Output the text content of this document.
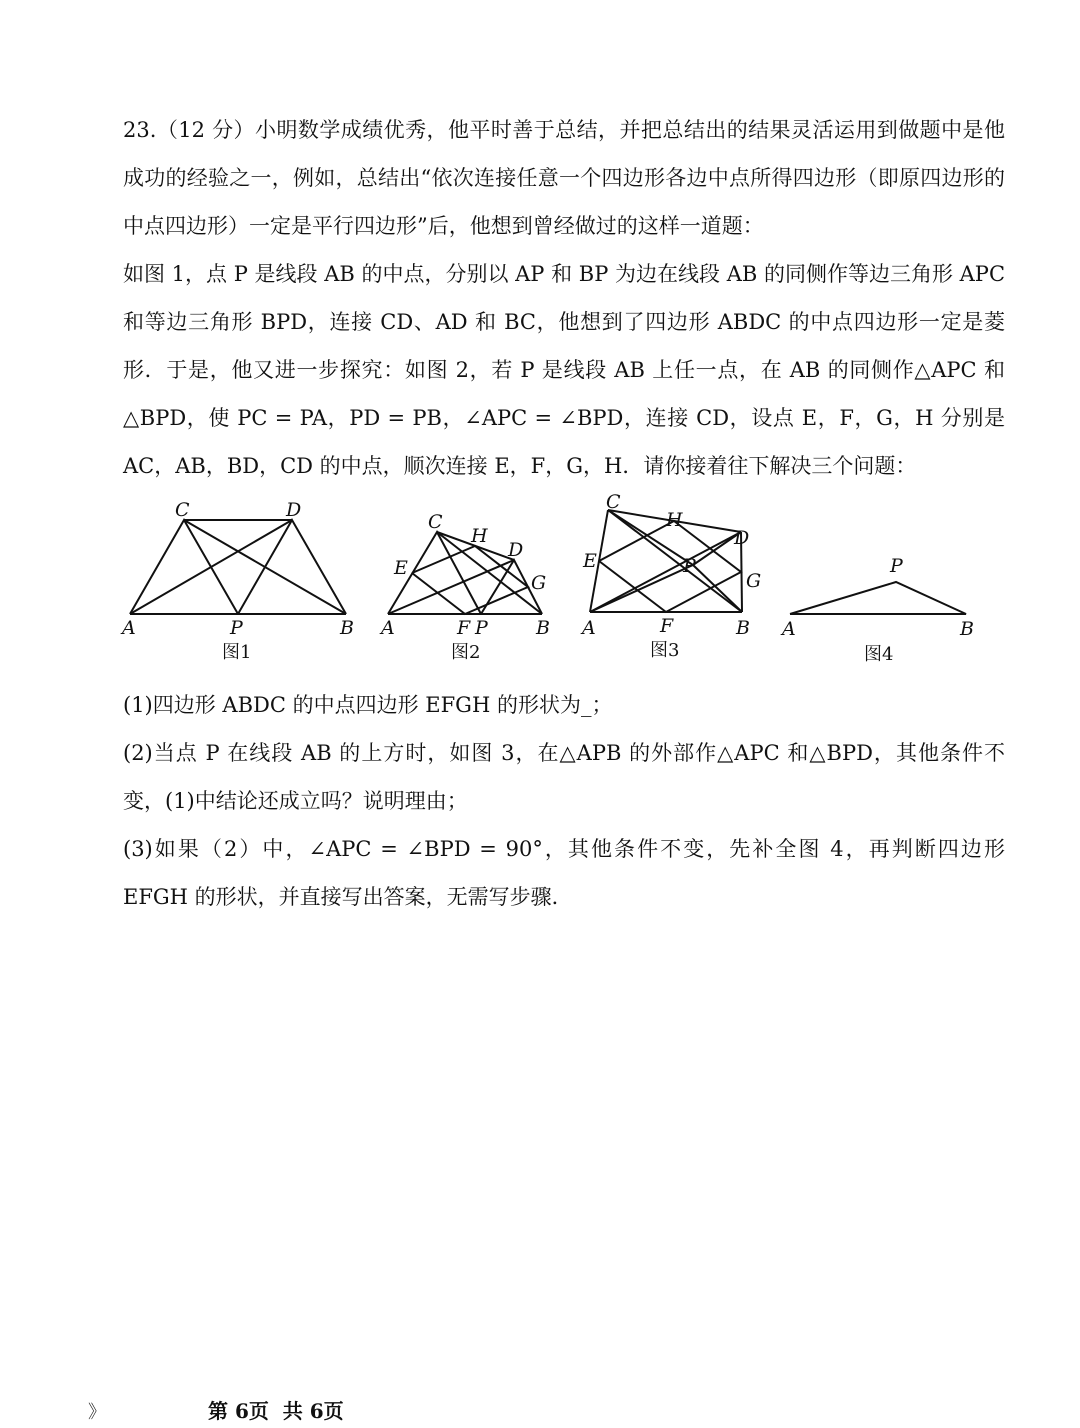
23.（12 分）小明数学成绩优秀，他平时善于总结，并把总结出的结果灵活运用到做题中是他成功的经验之一，例如，总结出“依次连接任意一个四边形各边中点所得四边形（即原四边形的中点四边形）一定是平行四边形”后，他想到曾经做过的这样一道题：

如图 1，点 P 是线段 AB 的中点，分别以 AP 和 BP 为边在线段 AB 的同侧作等边三角形 APC 和等边三角形 BPD，连接 CD、AD 和 BC，他想到了四边形 ABDC 的中点四边形一定是菱形．于是，他又进一步探究：如图 2，若 P 是线段 AB 上任一点，在 AB 的同侧作△APC 和△BPD，使 PC = PA，PD = PB，∠APC = ∠BPD，连接 CD，设点 E，F，G，H 分别是 AC，AB，BD，CD 的中点，顺次连接 E，F，G，H．请你接着往下解决三个问题：

C	D
A	P	B
图1
C
H
D
E
G
A	F P	B
图2
C
H
D
E	P
G
A	F	B
图3
P
A	B
图4

(1)四边形 ABDC 的中点四边形 EFGH 的形状为_；

(2)当点 P 在线段 AB 的上方时，如图 3，在△APB 的外部作△APC 和△BPD，其他条件不变，(1)中结论还成立吗？说明理由；

(3)如果（2）中，∠APC = ∠BPD = 90°，其他条件不变，先补全图 4，再判断四边形 EFGH 的形状，并直接写出答案，无需写步骤．

》	第 6页  共 6页
